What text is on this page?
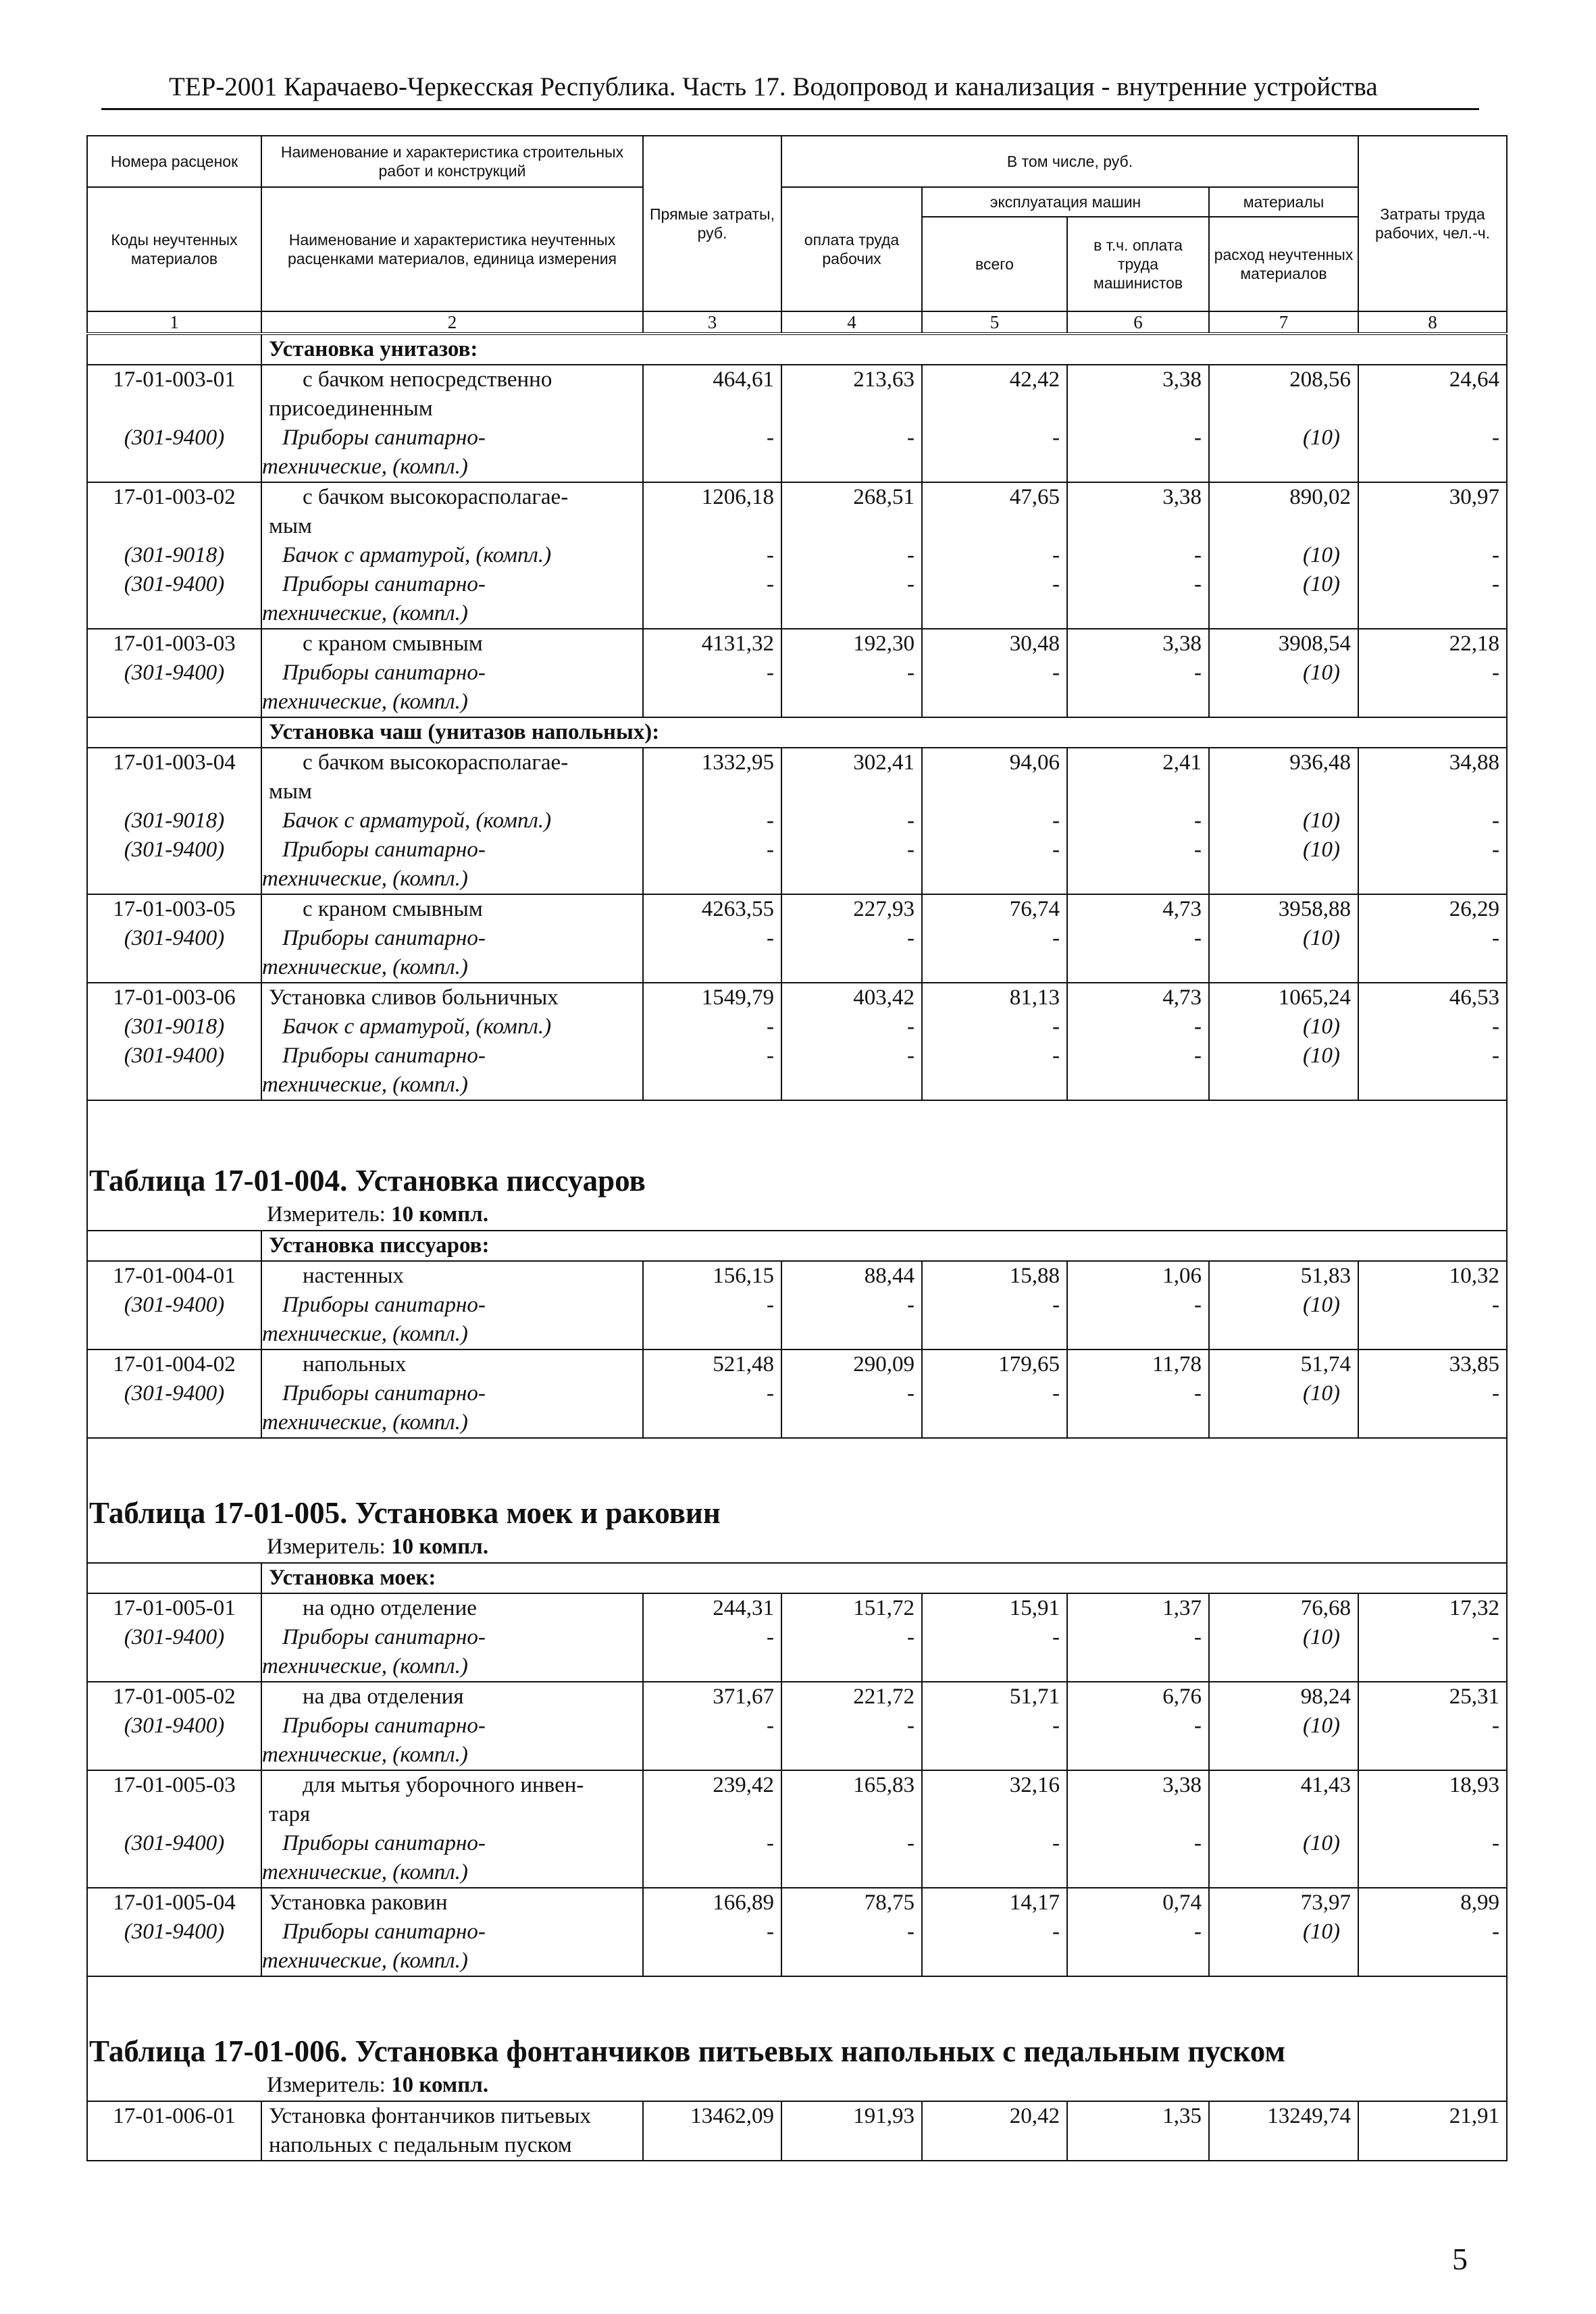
ТЕР-2001 Карачаево-Черкесская Республика. Часть 17. Водопровод и канализация - внутренние устройства
Номера расценок	Наименование и характеристика строительных работ и конструкций	Прямые затраты, руб.	В том числе, руб.				Затраты труда рабочих, чел.-ч.
Коды неучтенных материалов	Наименование и характеристика неучтенных расценками материалов, единица измерения		оплата труда рабочих	эксплуатация машин		материалы	
				всего	в т.ч. оплата труда машинистов	расход неучтенных материалов	
1	2	3	4	5	6	7	8
	Установка унитазов:						
17-01-003-01	с бачком непосредственно
присоединенным	464,61	213,63	42,42	3,38	208,56	24,64
(301-9400)	Приборы санитарно-
технические, (компл.)	-	-	-	-	(10)	-
17-01-003-02	с бачком высокорасполагае-
мым	1206,18	268,51	47,65	3,38	890,02	30,97
(301-9018)	Бачок с арматурой, (компл.)	-	-	-	-	(10)	-
(301-9400)	Приборы санитарно-
технические, (компл.)	-	-	-	-	(10)	-
17-01-003-03	с краном смывным	4131,32	192,30	30,48	3,38	3908,54	22,18
(301-9400)	Приборы санитарно-
технические, (компл.)	-	-	-	-	(10)	-
	Установка чаш (унитазов напольных):						
17-01-003-04	с бачком высокорасполагае-
мым	1332,95	302,41	94,06	2,41	936,48	34,88
(301-9018)	Бачок с арматурой, (компл.)	-	-	-	-	(10)	-
(301-9400)	Приборы санитарно-
технические, (компл.)	-	-	-	-	(10)	-
17-01-003-05	с краном смывным	4263,55	227,93	76,74	4,73	3958,88	26,29
(301-9400)	Приборы санитарно-
технические, (компл.)	-	-	-	-	(10)	-
17-01-003-06	Установка сливов больничных	1549,79	403,42	81,13	4,73	1065,24	46,53
(301-9018)	Бачок с арматурой, (компл.)	-	-	-	-	(10)	-
(301-9400)	Приборы санитарно-
технические, (компл.)	-	-	-	-	(10)	-
Таблица 17-01-004. Установка писсуаров							
Измеритель: 10 компл.							
	Установка писсуаров:						
17-01-004-01	настенных	156,15	88,44	15,88	1,06	51,83	10,32
(301-9400)	Приборы санитарно-
технические, (компл.)	-	-	-	-	(10)	-
17-01-004-02	напольных	521,48	290,09	179,65	11,78	51,74	33,85
(301-9400)	Приборы санитарно-
технические, (компл.)	-	-	-	-	(10)	-
Таблица 17-01-005. Установка моек и раковин							
Измеритель: 10 компл.							
	Установка моек:						
17-01-005-01	на одно отделение	244,31	151,72	15,91	1,37	76,68	17,32
(301-9400)	Приборы санитарно-
технические, (компл.)	-	-	-	-	(10)	-
17-01-005-02	на два отделения	371,67	221,72	51,71	6,76	98,24	25,31
(301-9400)	Приборы санитарно-
технические, (компл.)	-	-	-	-	(10)	-
17-01-005-03	для мытья уборочного инвен-
таря	239,42	165,83	32,16	3,38	41,43	18,93
(301-9400)	Приборы санитарно-
технические, (компл.)	-	-	-	-	(10)	-
17-01-005-04	Установка раковин	166,89	78,75	14,17	0,74	73,97	8,99
(301-9400)	Приборы санитарно-
технические, (компл.)	-	-	-	-	(10)	-
Таблица 17-01-006. Установка фонтанчиков питьевых напольных с педальным пуском							
Измеритель: 10 компл.							
17-01-006-01	Установка фонтанчиков питьевых
напольных с педальным пуском	13462,09	191,93	20,42	1,35	13249,74	21,91

5
